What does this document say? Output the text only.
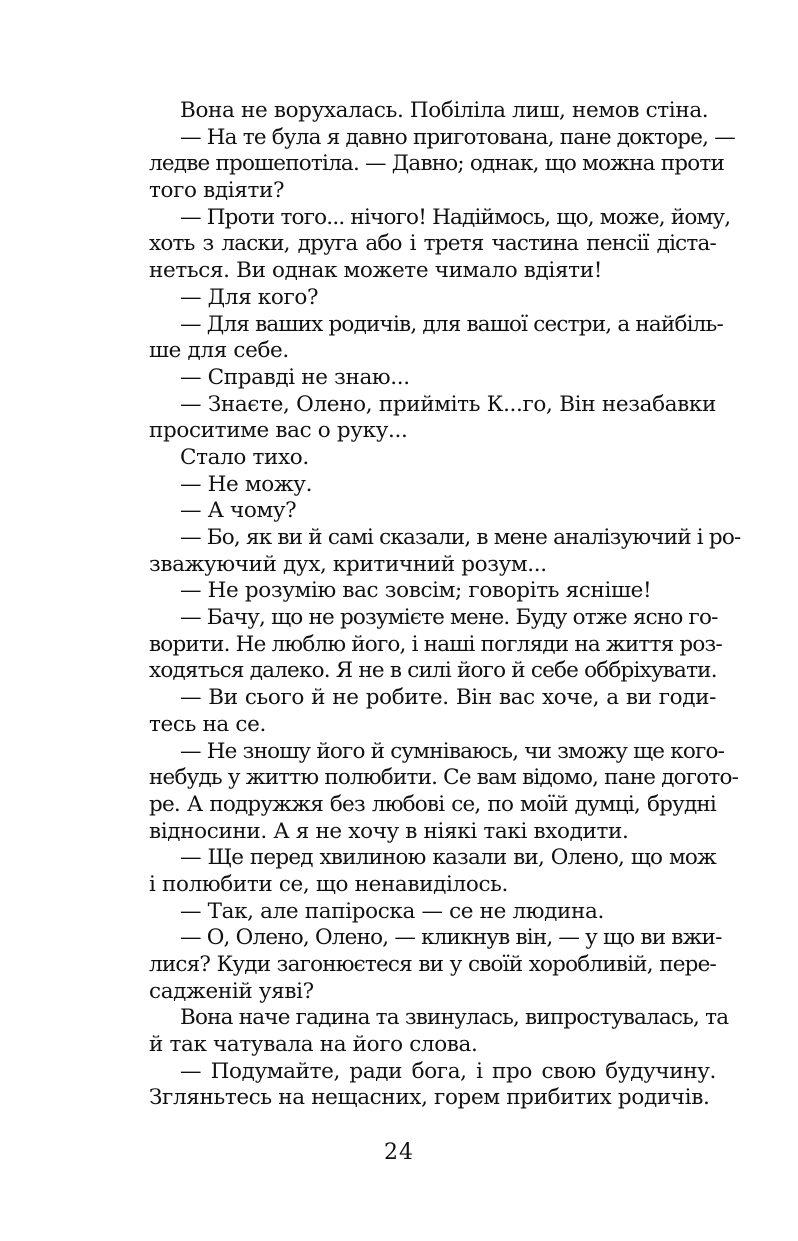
Вона не ворухалась. Побіліла лиш, немов стіна.
— На те була я давно приготована, пане докторе, —
ледве прошепотіла. — Давно; однак, що можна проти
того вдіяти?
— Проти того... нічого! Надіймось, що, може, йому,
хоть з ласки, друга або і третя частина пенсії діста-
неться. Ви однак можете чимало вдіяти!
— Для кого?
— Для ваших родичів, для вашої сестри, а найбіль-
ше для себе.
— Справді не знаю...
— Знаєте, Олено, прийміть К...го, Він незабавки
проситиме вас о руку...
Стало тихо.
— Не можу.
— А чому?
— Бо, як ви й самі сказали, в мене аналізуючий і ро-
зважуючий дух, критичний розум...
— Не розумію вас зовсім; говоріть ясніше!
— Бачу, що не розумієте мене. Буду отже ясно го-
ворити. Не люблю його, і наші погляди на життя роз-
ходяться далеко. Я не в силі його й себе оббріхувати.
— Ви сього й не робите. Він вас хоче, а ви годи-
тесь на се.
— Не зношу його й сумніваюсь, чи зможу ще кого-
небудь у життю полюбити. Се вам відомо, пане догото-
ре. А подружжя без любові се, по моїй думці, брудні
відносини. А я не хочу в ніякі такі входити.
— Ще перед хвилиною казали ви, Олено, що мож
і полюбити се, що ненавиділось.
— Так, але папіроска — се не людина.
— О, Олено, Олено, — кликнув він, — у що ви вжи-
лися? Куди загонюєтеся ви у своїй хоробливій, пере-
садженій уяві?
Вона наче гадина та звинулась, випростувалась, та
й так чатувала на його слова.
— Подумайте, ради бога, і про свою будучину.
Згляньтесь на нещасних, горем прибитих родичів.
24
